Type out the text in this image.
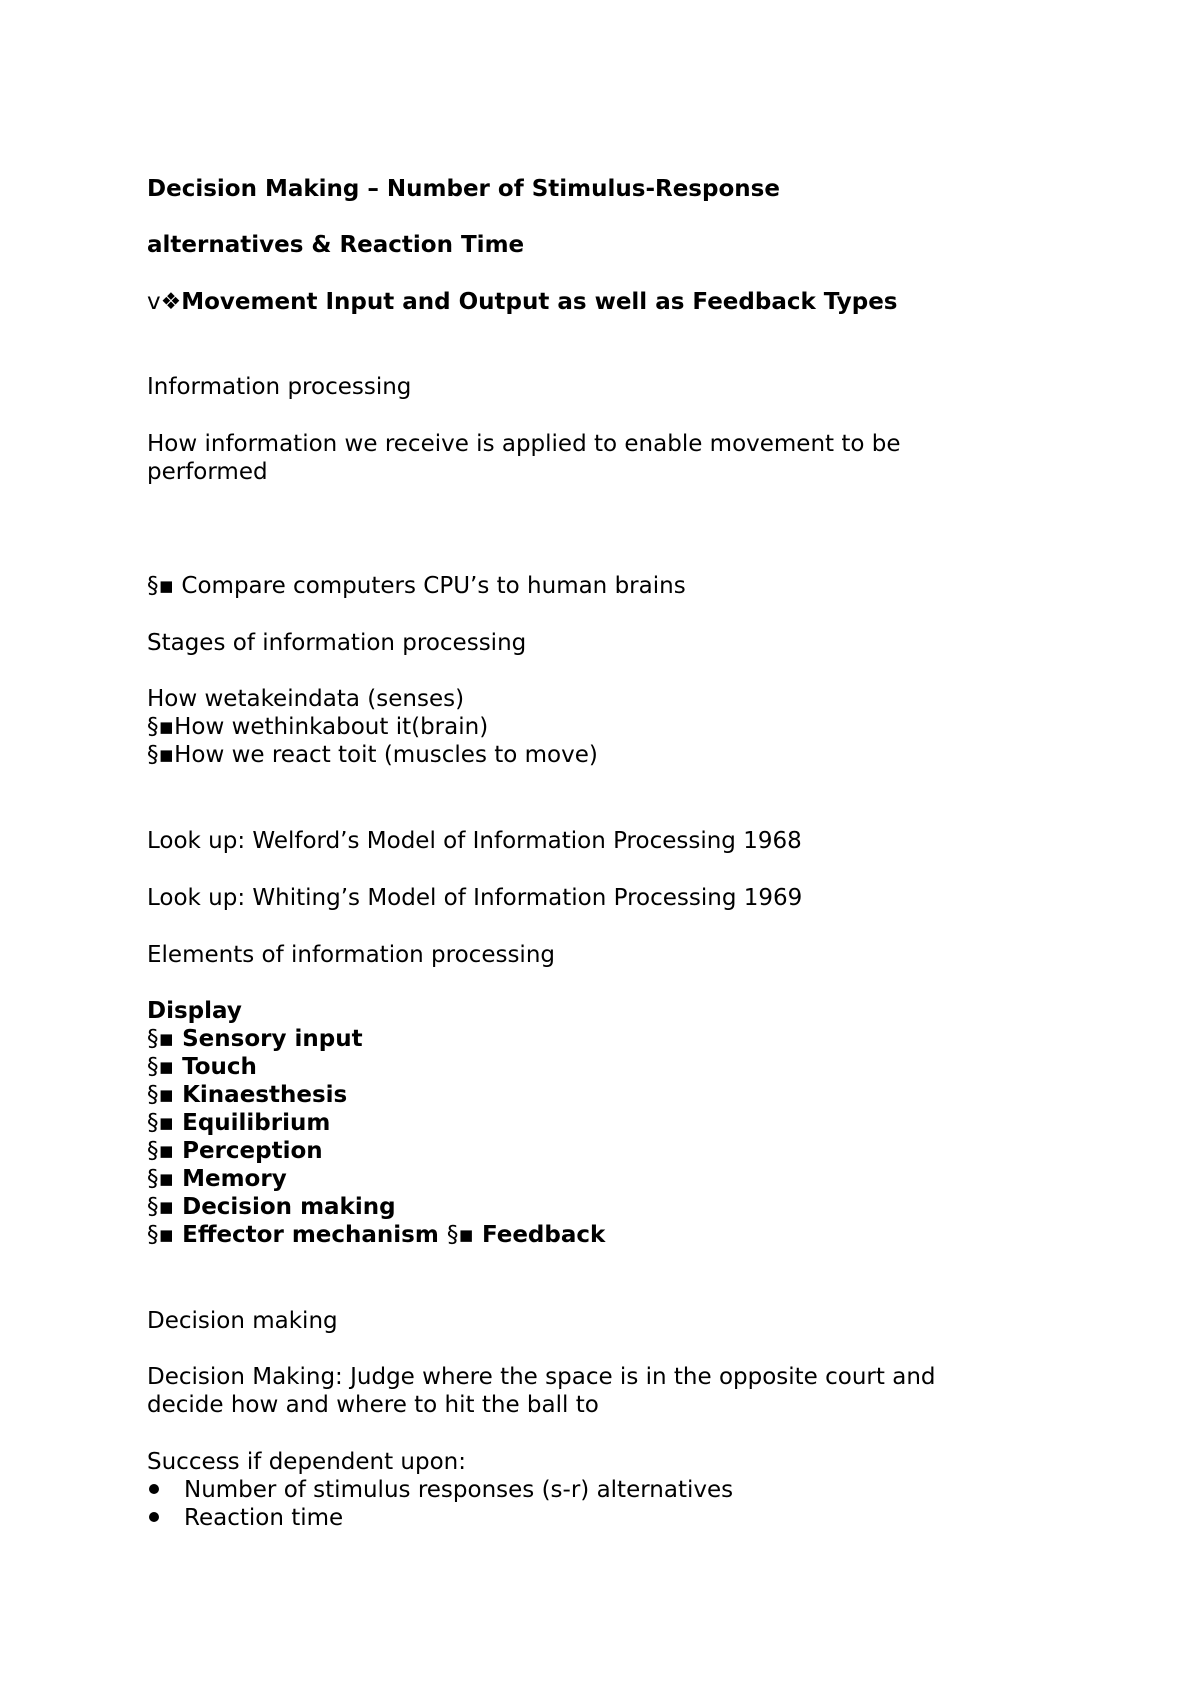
Decision Making – Number of Stimulus-Response
alternatives & Reaction Time
v❖Movement Input and Output as well as Feedback Types
Information processing
How information we receive is applied to enable movement to be
performed
§▪ Compare computers CPU’s to human brains
Stages of information processing
How wetakeindata (senses)
§▪How wethinkabout it(brain)
§▪How we react toit (muscles to move)
Look up: Welford’s Model of Information Processing 1968
Look up: Whiting’s Model of Information Processing 1969
Elements of information processing
Display
§▪ Sensory input
§▪ Touch
§▪ Kinaesthesis
§▪ Equilibrium
§▪ Perception
§▪ Memory
§▪ Decision making
§▪ Effector mechanism §▪ Feedback
Decision making
Decision Making: Judge where the space is in the opposite court and
decide how and where to hit the ball to
Success if dependent upon:
Number of stimulus responses (s-r) alternatives
Reaction time
